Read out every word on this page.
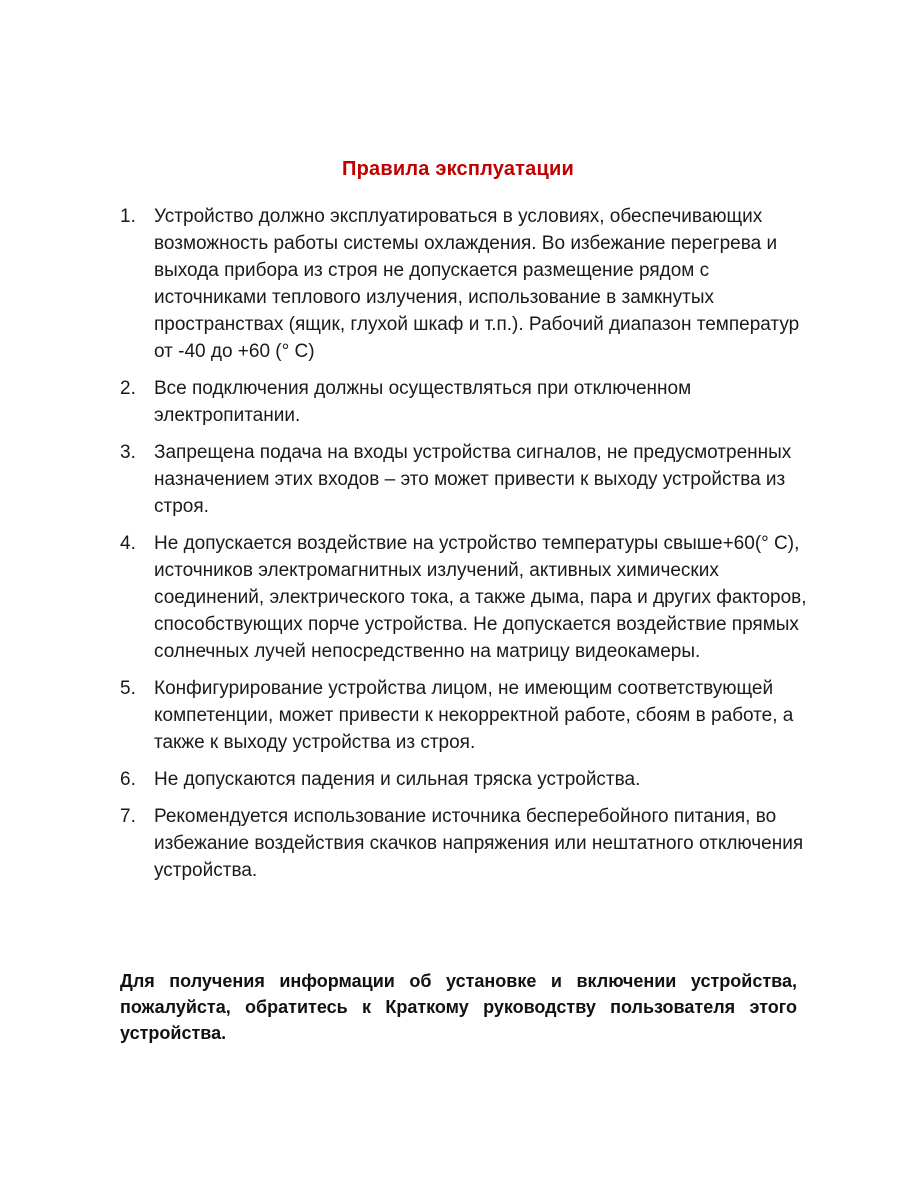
Правила эксплуатации
1. Устройство должно эксплуатироваться в условиях, обеспечивающих возможность работы системы охлаждения. Во избежание перегрева и выхода прибора из строя не допускается размещение рядом с источниками теплового излучения, использование в замкнутых пространствах (ящик, глухой шкаф и т.п.). Рабочий диапазон температур от -40 до +60 (° C)
2. Все подключения должны осуществляться при отключенном электропитании.
3. Запрещена подача на входы устройства сигналов, не предусмотренных назначением этих входов – это может привести к выходу устройства из строя.
4. Не допускается воздействие на устройство температуры свыше+60(° C), источников электромагнитных излучений, активных химических соединений, электрического тока, а также дыма, пара и других факторов, способствующих порче устройства. Не допускается воздействие прямых солнечных лучей непосредственно на матрицу видеокамеры.
5. Конфигурирование устройства лицом, не имеющим соответствующей компетенции, может привести к некорректной работе, сбоям в работе, а также к выходу устройства из строя.
6. Не допускаются падения и сильная тряска устройства.
7. Рекомендуется использование источника бесперебойного питания, во избежание воздействия скачков напряжения или нештатного отключения устройства.

Для получения информации об установке и включении устройства, пожалуйста, обратитесь к Краткому руководству пользователя этого устройства.
